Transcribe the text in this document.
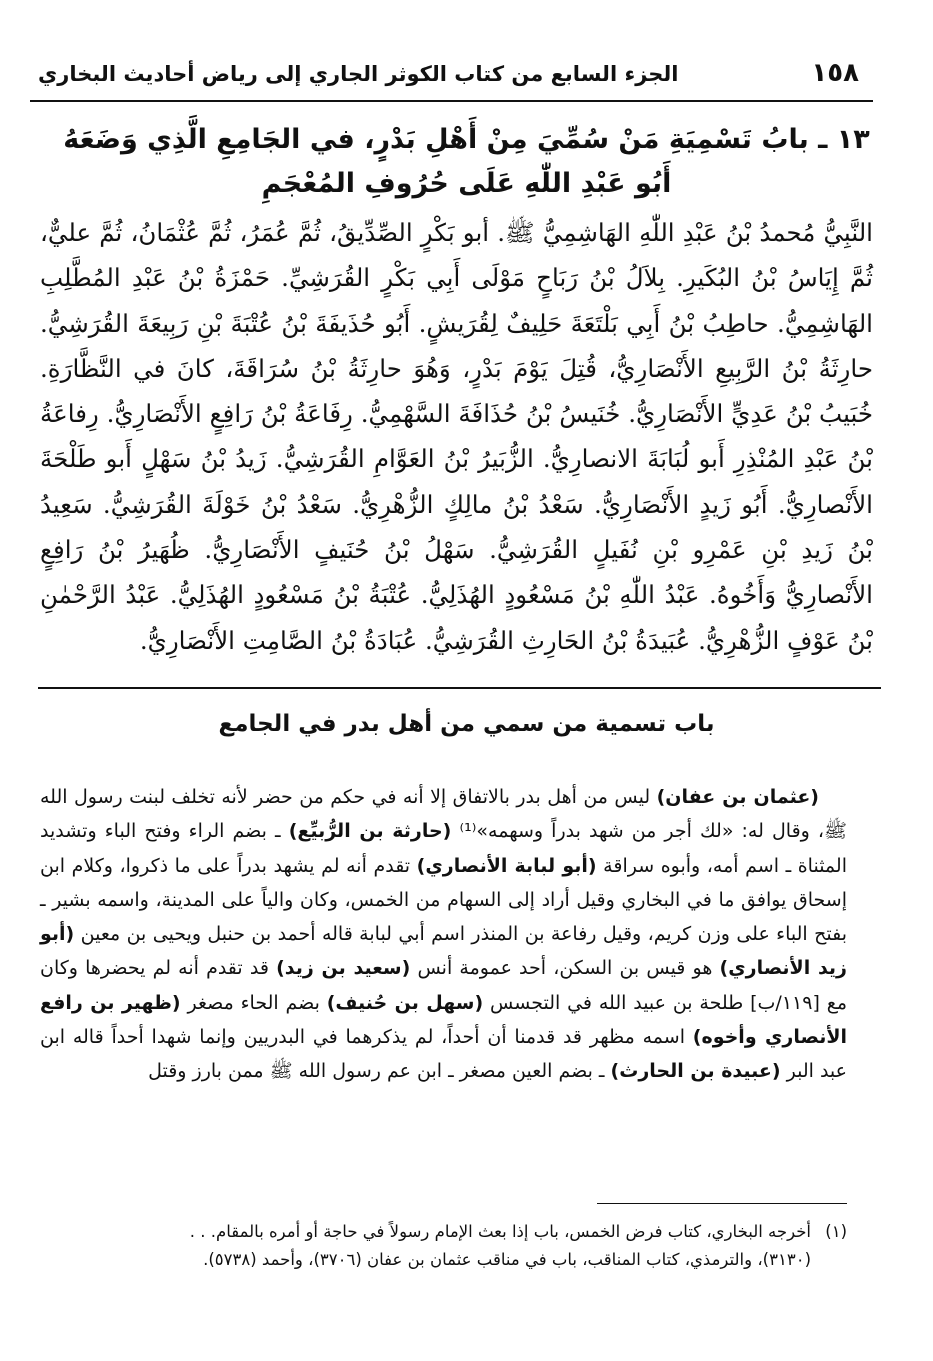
١٥٨
الجزء السابع من كتاب الكوثر الجاري إلى رياض أحاديث البخاري
١٣ ـ بابُ تَسْمِيَةِ مَنْ سُمِّيَ مِنْ أَهْلِ بَدْرٍ، في الجَامِعِ الَّذِي وَضَعَهُ
أَبُو عَبْدِ اللّٰهِ عَلَى حُرُوفِ المُعْجَمِ
النَّبِيُّ مُحمدُ بْنُ عَبْدِ اللّٰهِ الهَاشِمِيُّ ﷺ. أبو بَكْرٍ الصِّدِّيقُ، ثُمَّ عُمَرُ، ثُمَّ عُثْمَانُ، ثُمَّ عليٌّ، ثُمَّ إِيَاسُ بْنُ البُكَيرِ. بِلاَلُ بْنُ رَبَاحٍ مَوْلَى أَبِي بَكْرٍ القُرَشِيِّ. حَمْزَةُ بْنُ عَبْدِ المُطَّلِبِ الهَاشِمِيُّ. حاطِبُ بْنُ أَبِي بَلْتَعَةَ حَلِيفٌ لِقُرَيشٍ. أَبُو حُذَيفَةَ بْنُ عُتْبَةَ بْنِ رَبِيعَةَ القُرَشِيُّ. حارِثَةُ بْنُ الرَّبِيعِ الأَنْصَارِيُّ، قُتِلَ يَوْمَ بَدْرٍ، وَهُوَ حارِثَةُ بْنُ سُرَاقَةَ، كانَ في النَّظَّارَةِ. خُبَيبُ بْنُ عَدِيٍّ الأَنْصَارِيُّ. خُنَيسُ بْنُ حُذَافَةَ السَّهْمِيُّ. رِفَاعَةُ بْنُ رَافِعٍ الأَنْصَارِيُّ. رِفاعَةُ بْنُ عَبْدِ المُنْذِرِ أَبو لُبَابَةَ الانصارِيُّ. الزُّبَيرُ بْنُ العَوَّامِ القُرَشِيُّ. زَيدُ بْنُ سَهْلٍ أَبو طَلْحَةَ الأَنْصارِيُّ. أَبُو زَيدٍ الأَنْصَارِيُّ. سَعْدُ بْنُ مالِكٍ الزُّهْرِيُّ. سَعْدُ بْنُ خَوْلَةَ القُرَشِيُّ. سَعِيدُ بْنُ زَيدِ بْنِ عَمْرِو بْنِ نُفَيلٍ القُرَشِيُّ. سَهْلُ بْنُ حُنَيفٍ الأَنْصَارِيُّ. ظُهَيرُ بْنُ رَافِعٍ الأَنْصارِيُّ وَأَخُوهُ. عَبْدُ اللّٰهِ بْنُ مَسْعُودٍ الهُذَلِيُّ. عُتْبَةُ بْنُ مَسْعُودٍ الهُذَلِيُّ. عَبْدُ الرَّحْمٰنِ بْنُ عَوْفٍ الزُّهْرِيُّ. عُبَيدَةُ بْنُ الحَارِثِ القُرَشِيُّ. عُبَادَةُ بْنُ الصَّامِتِ الأَنْصَارِيُّ.
باب تسمية من سمي من أهل بدر في الجامع

(عثمان بن عفان) ليس من أهل بدر بالاتفاق إلا أنه في حكم من حضر لأنه تخلف لبنت رسول الله ﷺ، وقال له: «لك أجر من شهد بدراً وسهمه»⁽¹⁾ (حارثة بن الرُّبيِّع) ـ بضم الراء وفتح الباء وتشديد المثناة ـ اسم أمه، وأبوه سراقة (أبو لبابة الأنصاري) تقدم أنه لم يشهد بدراً على ما ذكروا، وكلام ابن إسحاق يوافق ما في البخاري وقيل أراد إلى السهام من الخمس، وكان والياً على المدينة، واسمه بشير ـ بفتح الباء على وزن كريم، وقيل رفاعة بن المنذر اسم أبي لبابة قاله أحمد بن حنبل ويحيى بن معين (أبو زيد الأنصاري) هو قيس بن السكن، أحد عمومة أنس (سعيد بن زيد) قد تقدم أنه لم يحضرها وكان مع [١١٩/ب] طلحة بن عبيد الله في التجسس (سهل بن حُنيف) بضم الحاء مصغر (ظهير بن رافع الأنصاري وأخوه) اسمه مظهر قد قدمنا أن أحداً، لم يذكرهما في البدريين وإنما شهدا أحداً قاله ابن عبد البر (عبيدة بن الحارث) ـ بضم العين مصغر ـ ابن عم رسول الله ﷺ ممن بارز وقتل

(١)أخرجه البخاري، كتاب فرض الخمس، باب إذا بعث الإمام رسولاً في حاجة أو أمره بالمقام. . .

(٣١٣٠)، والترمذي، كتاب المناقب، باب في مناقب عثمان بن عفان (٣٧٠٦)، وأحمد (٥٧٣٨).
